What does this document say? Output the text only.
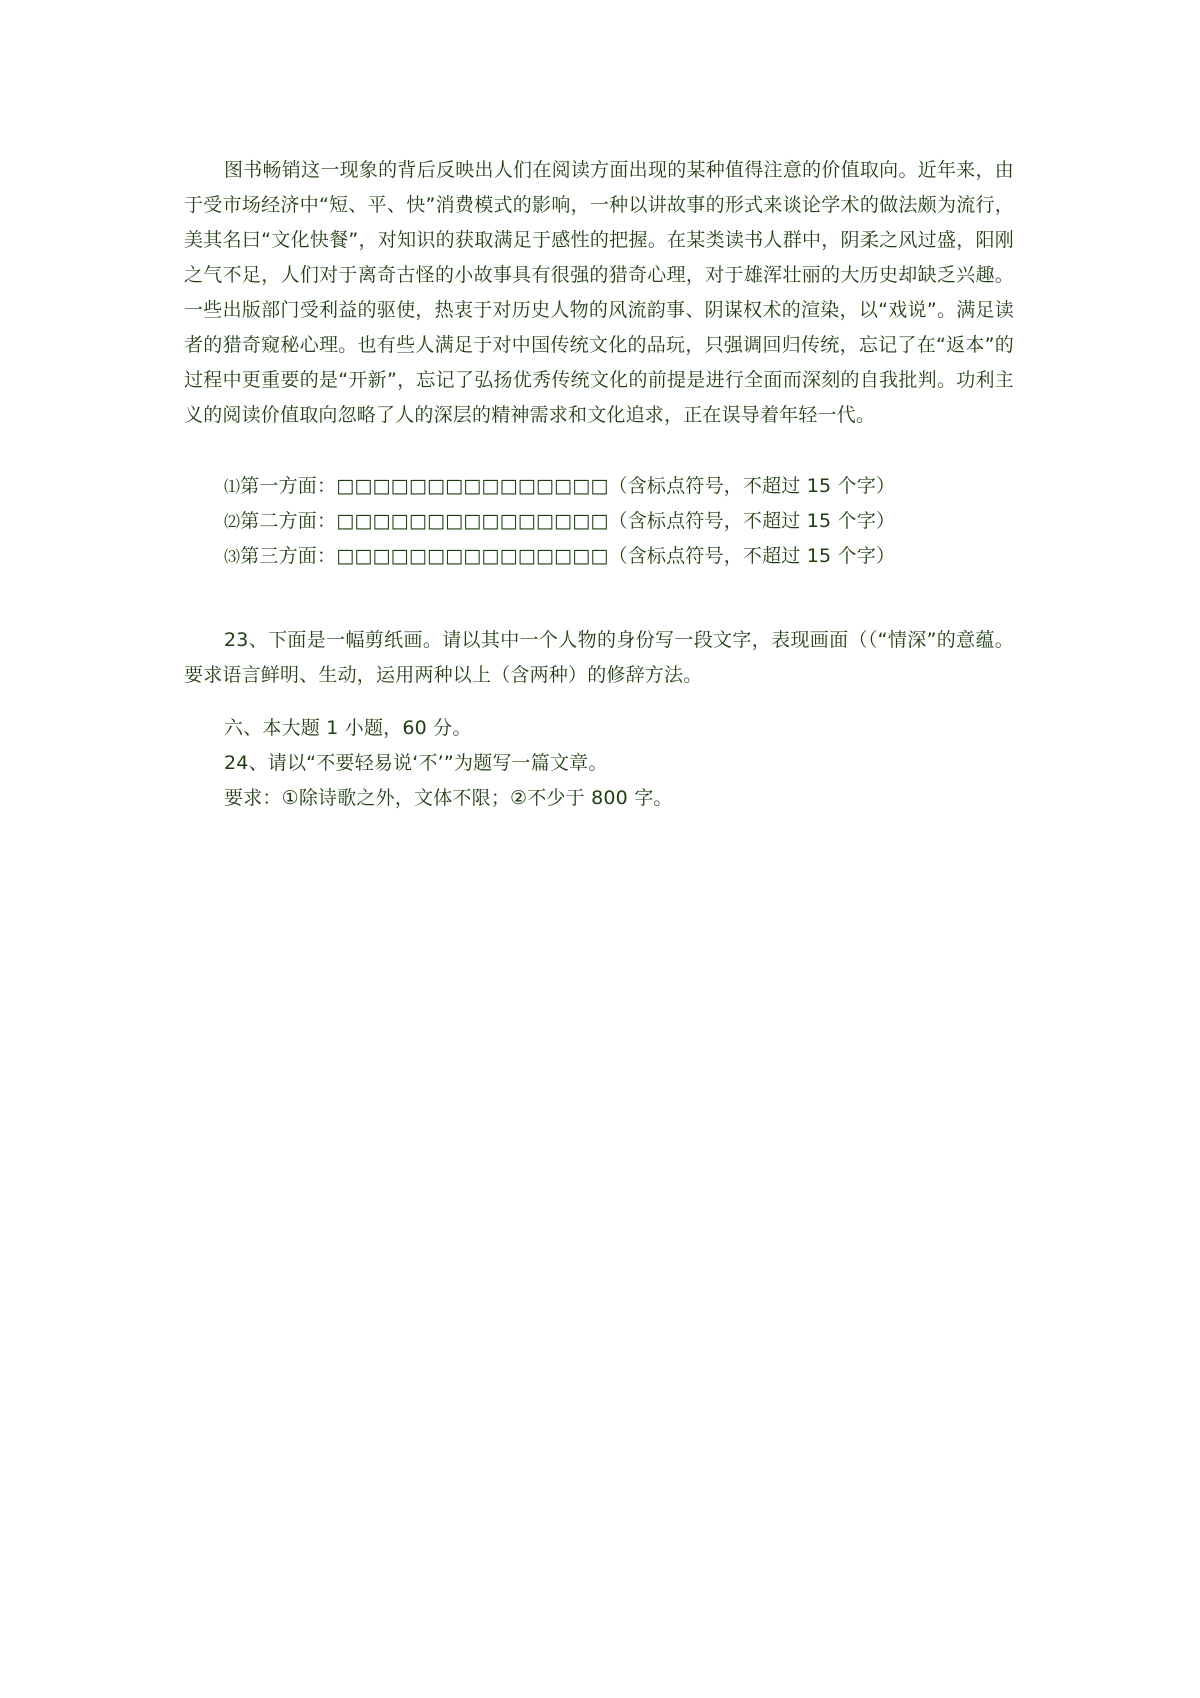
图书畅销这一现象的背后反映出人们在阅读方面出现的某种值得注意的价值取向。近年来，由于受市场经济中“短、平、快”消费模式的影响，一种以讲故事的形式来谈论学术的做法颇为流行，美其名曰“文化快餐”，对知识的获取满足于感性的把握。在某类读书人群中，阴柔之风过盛，阳刚之气不足，人们对于离奇古怪的小故事具有很强的猎奇心理，对于雄浑壮丽的大历史却缺乏兴趣。一些出版部门受利益的驱使，热衷于对历史人物的风流韵事、阴谋权术的渲染，以“戏说”。满足读者的猎奇窥秘心理。也有些人满足于对中国传统文化的品玩，只强调回归传统，忘记了在“返本”的过程中更重要的是“开新”，忘记了弘扬优秀传统文化的前提是进行全面而深刻的自我批判。功利主义的阅读价值取向忽略了人的深层的精神需求和文化追求，正在误导着年轻一代。

⑴第一方面：□□□□□□□□□□□□□□□（含标点符号，不超过 15 个字）

⑵第二方面：□□□□□□□□□□□□□□□（含标点符号，不超过 15 个字）

⑶第三方面：□□□□□□□□□□□□□□□（含标点符号，不超过 15 个字）

23、下面是一幅剪纸画。请以其中一个人物的身份写一段文字，表现画面（（“情深”的意蕴。要求语言鲜明、生动，运用两种以上（含两种）的修辞方法。

六、本大题 1 小题，60 分。

24、请以“不要轻易说‘不’”为题写一篇文章。

要求：①除诗歌之外，文体不限；②不少于 800 字。
